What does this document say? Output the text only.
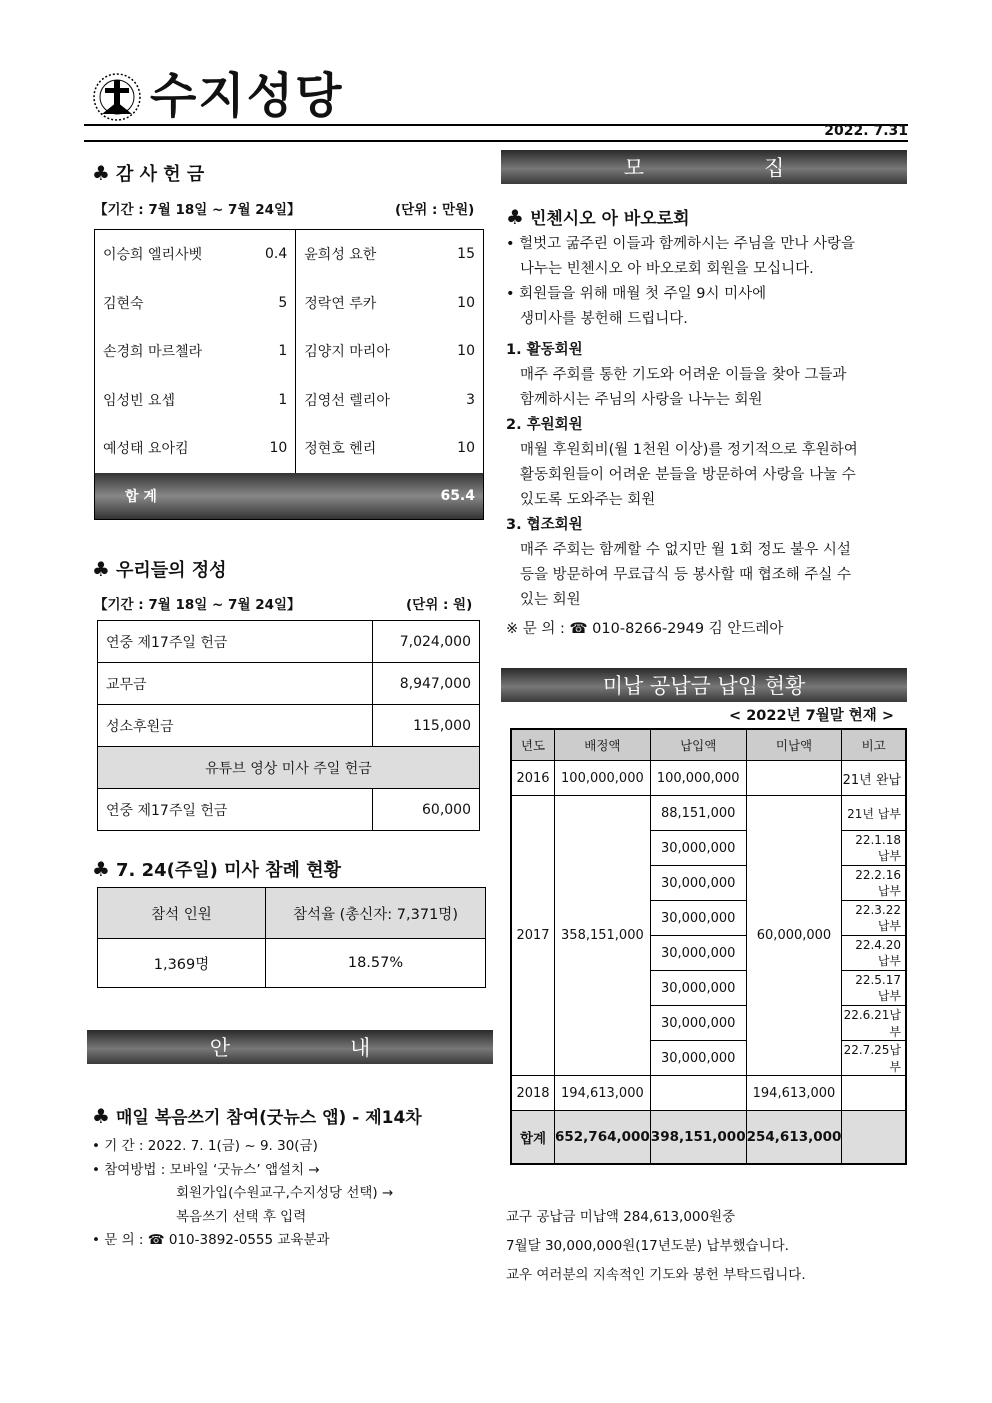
수지성당
2022. 7.31
♣ 감 사 헌 금
【기간 : 7월 18일 ~ 7월 24일】	(단위 : 만원)
이승희 엘리사벳	0.4	윤희성 요한	15
김현숙	5	정락연 루카	10
손경희 마르첼라	1	김양지 마리아	10
임성빈 요셉	1	김영선 렐리아	3
예성태 요아킴	10	정현호 헨리	10
합 계			65.4
♣ 우리들의 정성
【기간 : 7월 18일 ~ 7월 24일】	(단위 : 원)
연중 제17주일 헌금	7,024,000
교무금	8,947,000
성소후원금	115,000
유튜브 영상 미사 주일 헌금	
연중 제17주일 헌금	60,000
♣ 7. 24(주일) 미사 참례 현황
참석 인원	참석율 (총신자: 7,371명)
1,369명	18.57%
안	내
♣ 매일 복음쓰기 참여(굿뉴스 앱) - 제14차
• 기 간 : 2022. 7. 1(금) ~ 9. 30(금)
• 참여방법 : 모바일 ‘굿뉴스’ 앱설치 →
회원가입(수원교구,수지성당 선택) →
복음쓰기 선택 후 입력
• 문 의 : ☎ 010-3892-0555 교육분과
모	집
♣ 빈첸시오 아 바오로회
• 헐벗고 굶주린 이들과 함께하시는 주님을 만나 사랑을
나누는 빈첸시오 아 바오로회 회원을 모십니다.
• 회원들을 위해 매월 첫 주일 9시 미사에
생미사를 봉헌해 드립니다.
1. 활동회원
매주 주회를 통한 기도와 어려운 이들을 찾아 그들과
함께하시는 주님의 사랑을 나누는 회원
2. 후원회원
매월 후원회비(월 1천원 이상)를 정기적으로 후원하여
활동회원들이 어려운 분들을 방문하여 사랑을 나눌 수
있도록 도와주는 회원
3. 협조회원
매주 주회는 함께할 수 없지만 월 1회 정도 불우 시설
등을 방문하여 무료급식 등 봉사할 때 협조해 주실 수
있는 회원
※ 문 의 : ☎ 010-8266-2949 김 안드레아
미납 공납금 납입 현황
< 2022년 7월말 현재 >
년도	배정액	납입액	미납액	비고
2016	100,000,000	100,000,000		21년 완납
2017	358,151,000	88,151,000	60,000,000	21년 납부
		30,000,000		22.1.18 납부
		30,000,000		22.2.16 납부
		30,000,000		22.3.22 납부
		30,000,000		22.4.20 납부
		30,000,000		22.5.17 납부
		30,000,000		22.6.21납부
		30,000,000		22.7.25납부
2018	194,613,000		194,613,000	
합계	652,764,000	398,151,000	254,613,000	
교구 공납금 미납액 284,613,000원중
7월달 30,000,000원(17년도분) 납부했습니다.
교우 여러분의 지속적인 기도와 봉헌 부탁드립니다.
